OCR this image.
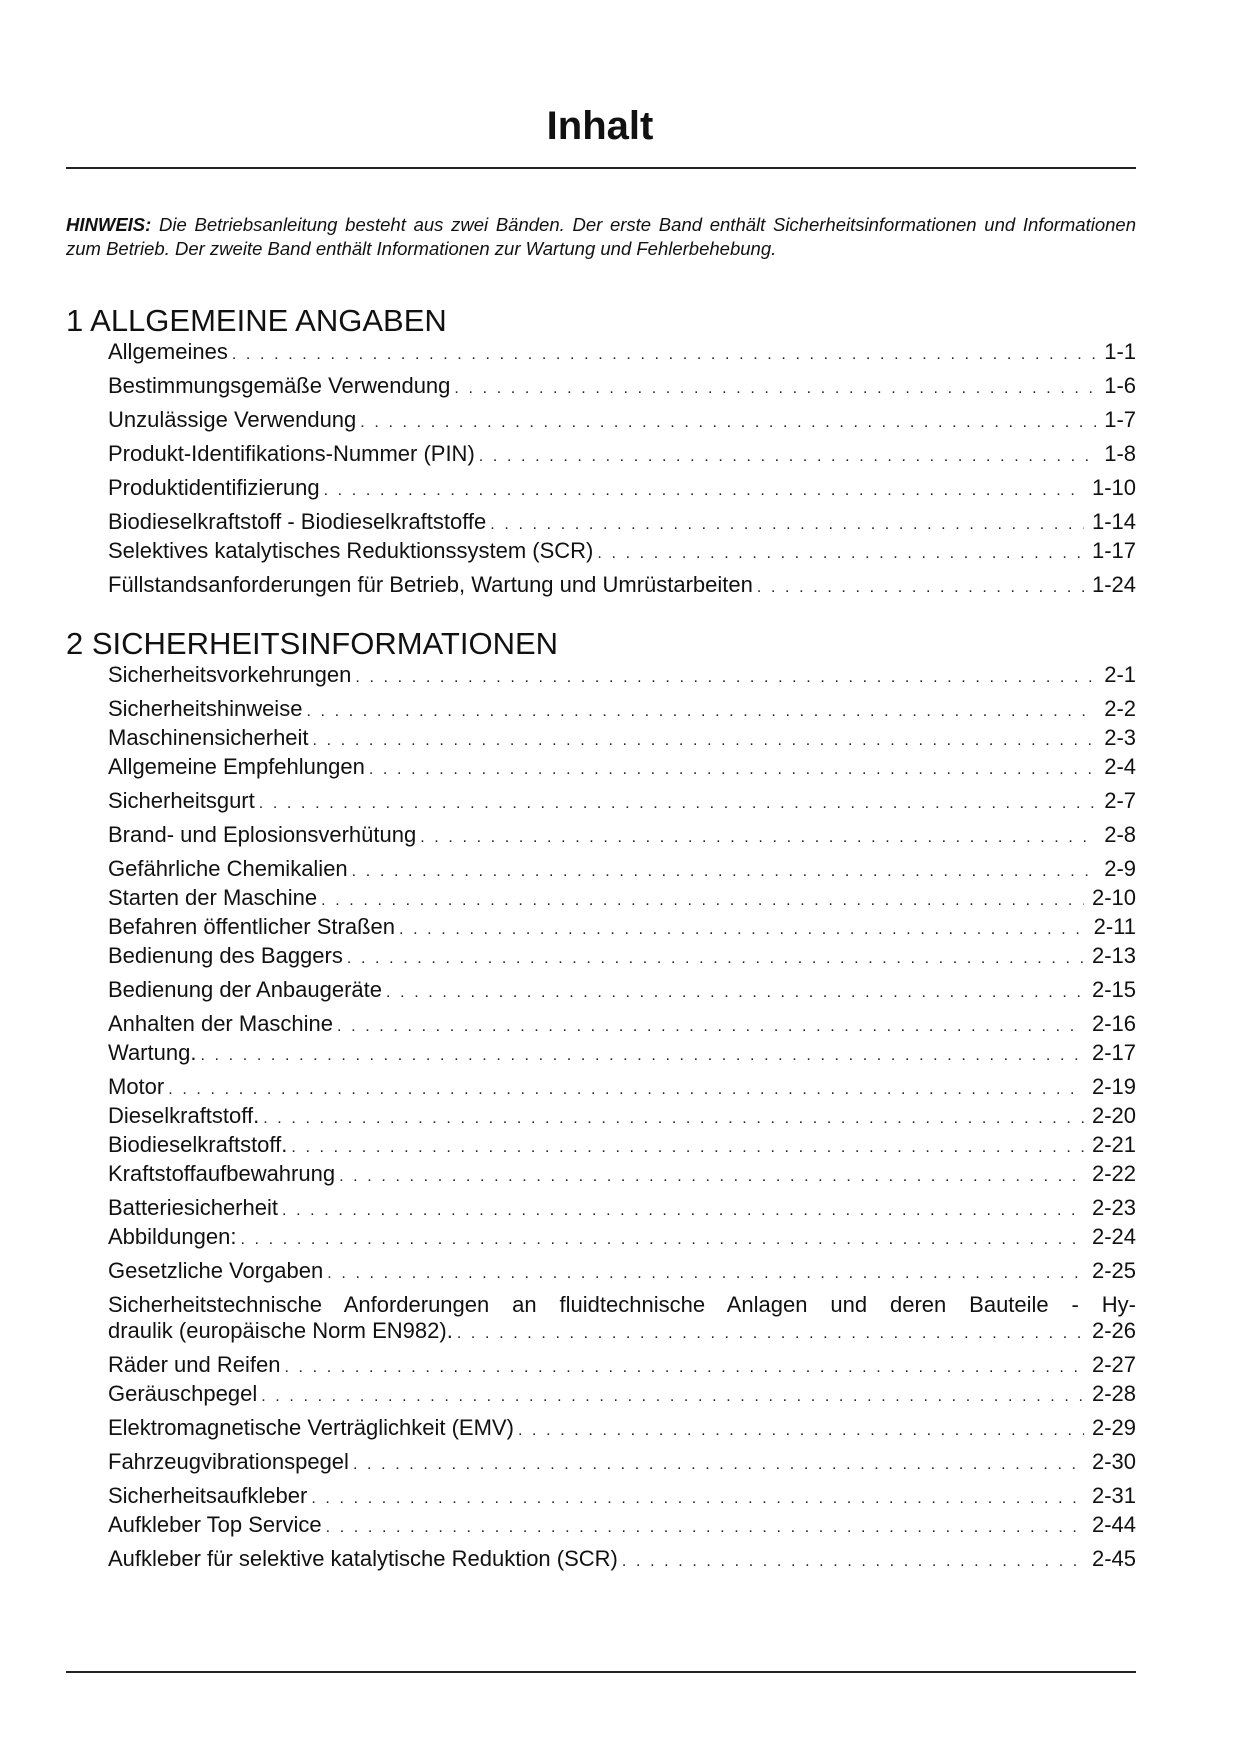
Inhalt

HINWEIS: Die Betriebsanleitung besteht aus zwei Bänden. Der erste Band enthält Sicherheitsinformationen und Informationen zum Betrieb. Der zweite Band enthält Informationen zur Wartung und Fehlerbehebung.

1 ALLGEMEINE ANGABEN
Allgemeines . . .	1-1
Bestimmungsgemäße Verwendung . . .	1-6
Unzulässige Verwendung . . .	1-7
Produkt-Identifikations-Nummer (PIN) . . .	1-8
Produktidentifizierung . . .	1-10
Biodieselkraftstoff - Biodieselkraftstoffe . . .	1-14
Selektives katalytisches Reduktionssystem (SCR) . . .	1-17
Füllstandsanforderungen für Betrieb, Wartung und Umrüstarbeiten . . .	1-24
2 SICHERHEITSINFORMATIONEN
Sicherheitsvorkehrungen . . .	2-1
Sicherheitshinweise . . .	2-2
Maschinensicherheit . . .	2-3
Allgemeine Empfehlungen . . .	2-4
Sicherheitsgurt . . .	2-7
Brand- und Eplosionsverhütung . . .	2-8
Gefährliche Chemikalien . . .	2-9
Starten der Maschine . . .	2-10
Befahren öffentlicher Straßen . . .	2-11
Bedienung des Baggers . . .	2-13
Bedienung der Anbaugeräte . . .	2-15
Anhalten der Maschine . . .	2-16
Wartung. . . .	2-17
Motor . . .	2-19
Dieselkraftstoff. . . .	2-20
Biodieselkraftstoff. . . .	2-21
Kraftstoffaufbewahrung . . .	2-22
Batteriesicherheit . . .	2-23
Abbildungen: . . .	2-24
Gesetzliche Vorgaben . . .	2-25
Sicherheitstechnische Anforderungen an fluidtechnische Anlagen und deren Bauteile - Hy-
draulik (europäische Norm EN982). . . .	2-26
Räder und Reifen . . .	2-27
Geräuschpegel . . .	2-28
Elektromagnetische Verträglichkeit (EMV) . . .	2-29
Fahrzeugvibrationspegel . . .	2-30
Sicherheitsaufkleber . . .	2-31
Aufkleber Top Service . . .	2-44
Aufkleber für selektive katalytische Reduktion (SCR) . . .	2-45
